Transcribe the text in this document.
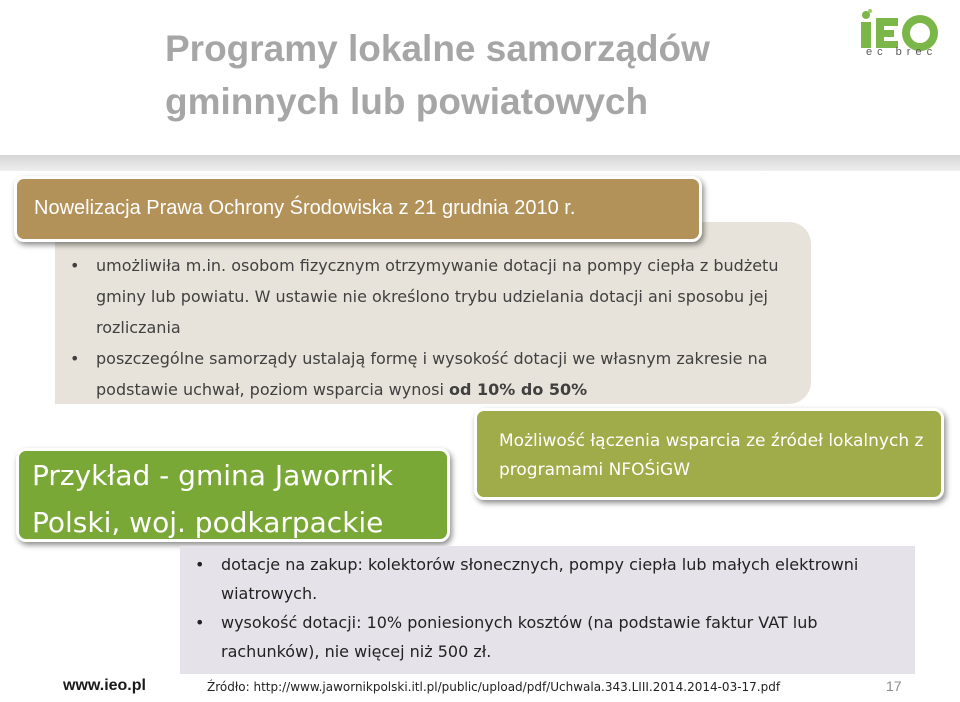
Programy lokalne samorządów gminnych lub powiatowych
ec brec
Nowelizacja Prawa Ochrony Środowiska z 21 grudnia 2010 r.
• umożliwiła m.in. osobom fizycznym otrzymywanie dotacji na pompy ciepła z budżetu gminy lub powiatu. W ustawie nie określono trybu udzielania dotacji ani sposobu jej rozliczania
• poszczególne samorządy ustalają formę i wysokość dotacji we własnym zakresie na podstawie uchwał, poziom wsparcia wynosi od 10% do 50%
Przykład - gmina Jawornik
Polski, woj. podkarpackie
Możliwość łączenia wsparcia ze źródeł lokalnych z programami NFOŚiGW
• dotacje na zakup: kolektorów słonecznych, pompy ciepła lub małych elektrowni wiatrowych.
• wysokość dotacji: 10% poniesionych kosztów (na podstawie faktur VAT lub rachunków), nie więcej niż 500 zł.
www.ieo.pl	Źródło: http://www.jawornikpolski.itl.pl/public/upload/pdf/Uchwala.343.LIII.2014.2014-03-17.pdf	17
